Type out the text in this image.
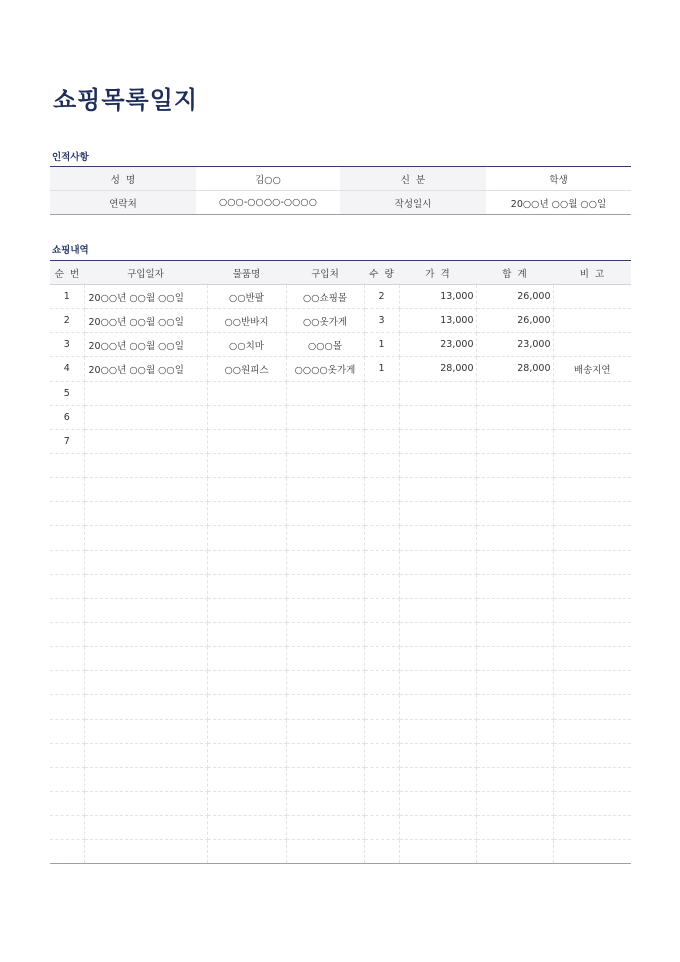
쇼핑목록일지
인적사항
성  명	김○○	신  분	학생
연락처	○○○-○○○○-○○○○	작성일시	20○○년 ○○월 ○○일
쇼핑내역
순  번	구입일자	물품명	구입처	수  량	가  격	합  계	비  고
1	20○○년 ○○월 ○○일	○○반팔	○○쇼핑몰	2	13,000	26,000	
2	20○○년 ○○월 ○○일	○○반바지	○○옷가게	3	13,000	26,000	
3	20○○년 ○○월 ○○일	○○치마	○○○몰	1	23,000	23,000	
4	20○○년 ○○월 ○○일	○○원피스	○○○○옷가게	1	28,000	28,000	배송지연
5							
6							
7							
